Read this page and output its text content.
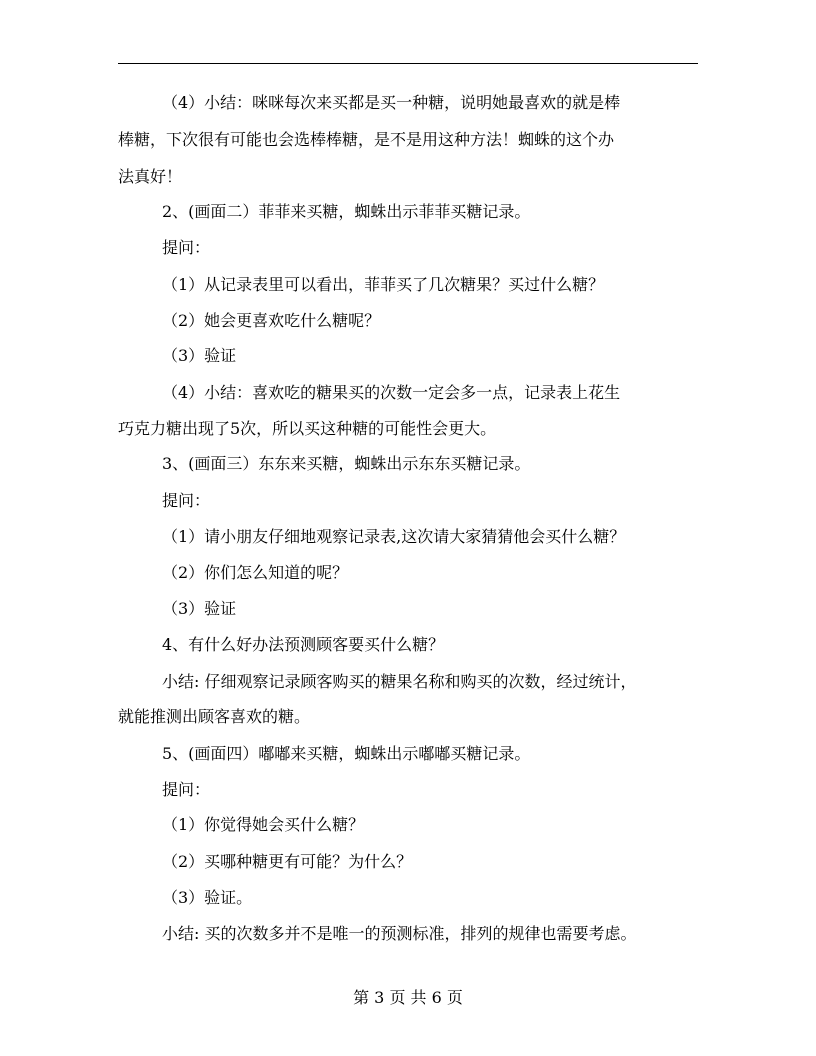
（4）小结：咪咪每次来买都是买一种糖，说明她最喜欢的就是棒
棒糖，下次很有可能也会选棒棒糖，是不是用这种方法！蜘蛛的这个办
法真好！
2、(画面二）菲菲来买糖，蜘蛛出示菲菲买糖记录。
提问：
（1）从记录表里可以看出，菲菲买了几次糖果？买过什么糖？
（2）她会更喜欢吃什么糖呢？
（3）验证
（4）小结：喜欢吃的糖果买的次数一定会多一点，记录表上花生
巧克力糖出现了5次，所以买这种糖的可能性会更大。
3、(画面三）东东来买糖，蜘蛛出示东东买糖记录。
提问：
（1）请小朋友仔细地观察记录表,这次请大家猜猜他会买什么糖？
（2）你们怎么知道的呢？
（3）验证
4、有什么好办法预测顾客要买什么糖？
小结: 仔细观察记录顾客购买的糖果名称和购买的次数，经过统计，
就能推测出顾客喜欢的糖。
5、(画面四）嘟嘟来买糖，蜘蛛出示嘟嘟买糖记录。
提问：
（1）你觉得她会买什么糖？
（2）买哪种糖更有可能？为什么？
（3）验证。
小结: 买的次数多并不是唯一的预测标准，排列的规律也需要考虑。
第 3 页 共 6 页
